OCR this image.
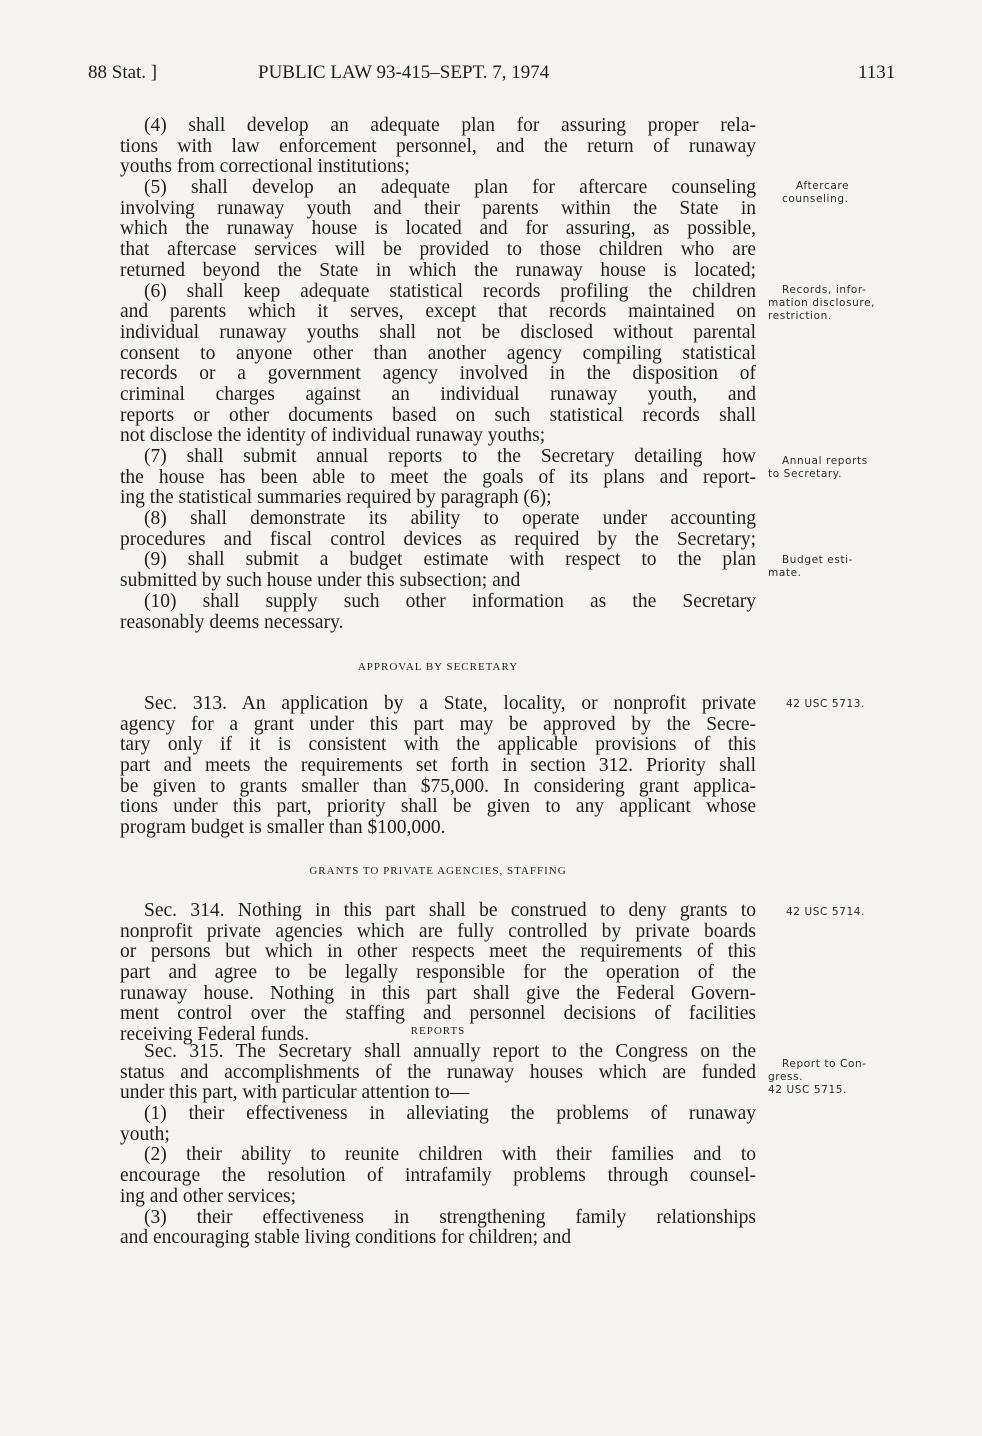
88 Stat. ]	PUBLIC LAW 93-415–SEPT. 7, 1974	1131
(4) shall develop an adequate plan for assuring proper rela-
tions with law enforcement personnel, and the return of runaway
youths from correctional institutions;
(5) shall develop an adequate plan for aftercare counseling
involving runaway youth and their parents within the State in
which the runaway house is located and for assuring, as possible,
that aftercase services will be provided to those children who are
returned beyond the State in which the runaway house is located;
(6) shall keep adequate statistical records profiling the children
and parents which it serves, except that records maintained on
individual runaway youths shall not be disclosed without parental
consent to anyone other than another agency compiling statistical
records or a government agency involved in the disposition of
criminal charges against an individual runaway youth, and
reports or other documents based on such statistical records shall
not disclose the identity of individual runaway youths;
(7) shall submit annual reports to the Secretary detailing how
the house has been able to meet the goals of its plans and report-
ing the statistical summaries required by paragraph (6);
(8) shall demonstrate its ability to operate under accounting
procedures and fiscal control devices as required by the Secretary;
(9) shall submit a budget estimate with respect to the plan
submitted by such house under this subsection; and
(10) shall supply such other information as the Secretary
reasonably deems necessary.
APPROVAL BY SECRETARY
Sec. 313. An application by a State, locality, or nonprofit private
agency for a grant under this part may be approved by the Secre-
tary only if it is consistent with the applicable provisions of this
part and meets the requirements set forth in section 312. Priority shall
be given to grants smaller than $75,000. In considering grant applica-
tions under this part, priority shall be given to any applicant whose
program budget is smaller than $100,000.
GRANTS TO PRIVATE AGENCIES, STAFFING
Sec. 314. Nothing in this part shall be construed to deny grants to
nonprofit private agencies which are fully controlled by private boards
or persons but which in other respects meet the requirements of this
part and agree to be legally responsible for the operation of the
runaway house. Nothing in this part shall give the Federal Govern-
ment control over the staffing and personnel decisions of facilities
receiving Federal funds.	REPORTS
Sec. 315. The Secretary shall annually report to the Congress on the
status and accomplishments of the runaway houses which are funded
under this part, with particular attention to—
(1) their effectiveness in alleviating the problems of runaway
youth;
(2) their ability to reunite children with their families and to
encourage the resolution of intrafamily problems through counsel-
ing and other services;
(3) their effectiveness in strengthening family relationships
and encouraging stable living conditions for children; and
Aftercare
counseling.
Records, infor-
mation disclosure,
restriction.
Annual reports
to Secretary.
Budget esti-
mate.
42 USC 5713.
42 USC 5714.
Report to Con-
gress.
42 USC 5715.
